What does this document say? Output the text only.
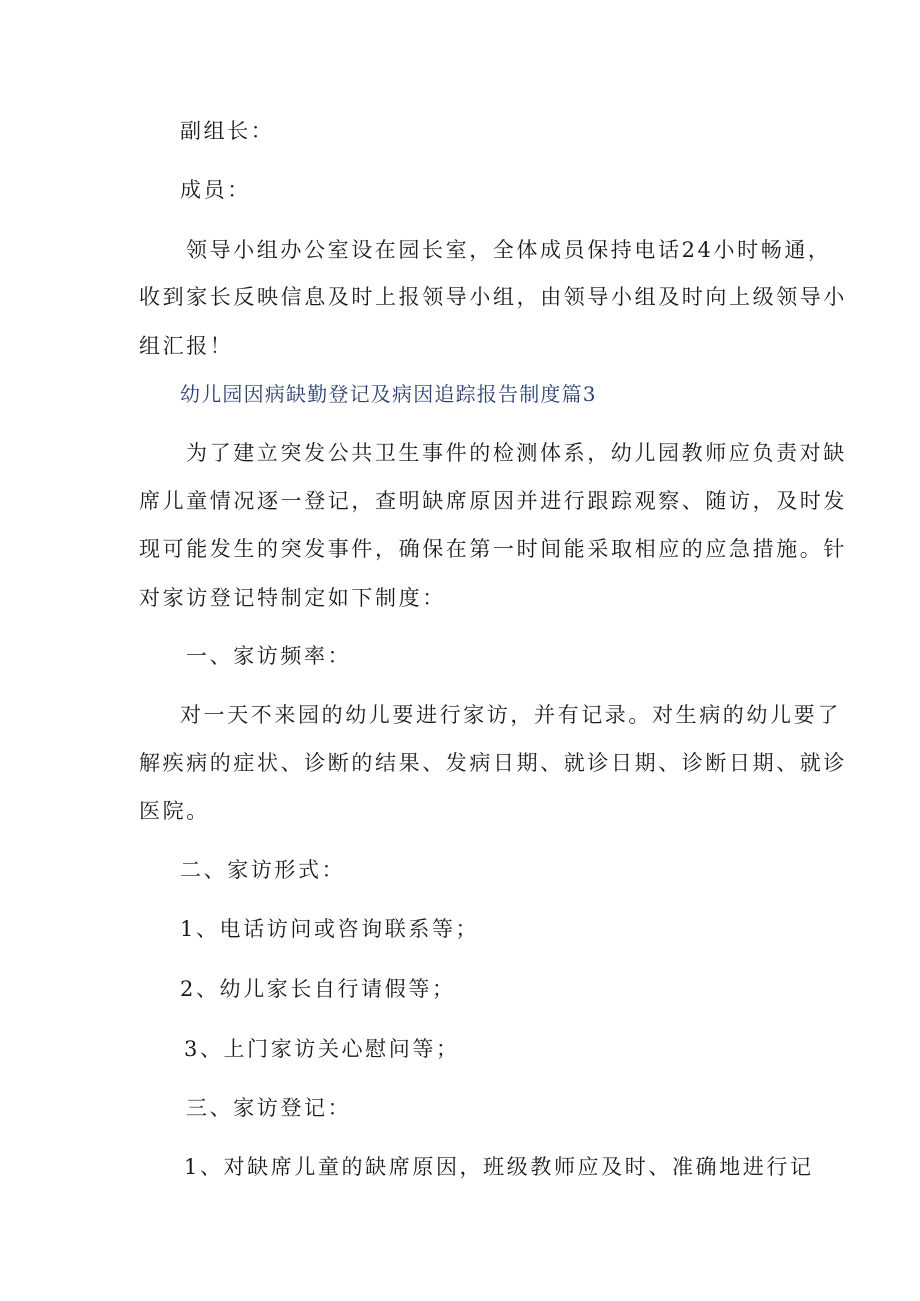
副组长：
成员：
领导小组办公室设在园长室，全体成员保持电话24小时畅通，
收到家长反映信息及时上报领导小组，由领导小组及时向上级领导小
组汇报！
幼儿园因病缺勤登记及病因追踪报告制度篇3
为了建立突发公共卫生事件的检测体系，幼儿园教师应负责对缺
席儿童情况逐一登记，查明缺席原因并进行跟踪观察、随访，及时发
现可能发生的突发事件，确保在第一时间能采取相应的应急措施。针
对家访登记特制定如下制度：
一、家访频率：
对一天不来园的幼儿要进行家访，并有记录。对生病的幼儿要了
解疾病的症状、诊断的结果、发病日期、就诊日期、诊断日期、就诊
医院。
二、家访形式：
1、电话访问或咨询联系等；
2、幼儿家长自行请假等；
3、上门家访关心慰问等；
三、家访登记：
1、对缺席儿童的缺席原因，班级教师应及时、准确地进行记
